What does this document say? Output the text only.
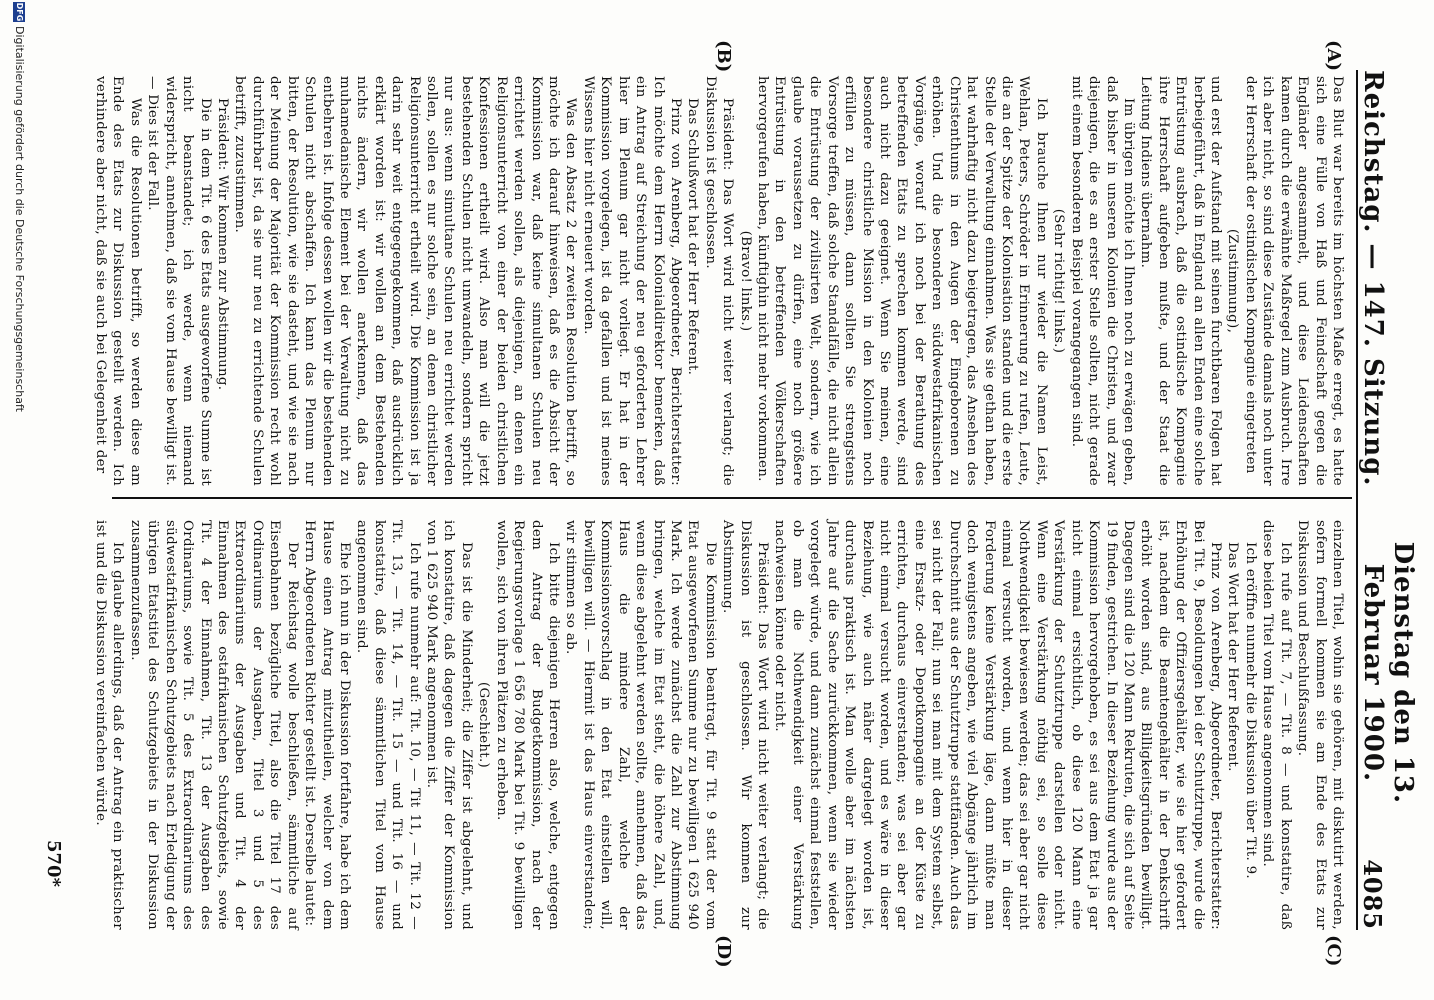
Reichstag. — 147. Sitzung.
Dienstag den 13. Februar 1900.
4085
(A)
(B)
(C)
(D)

Das Blut war bereits im höchsten Maße erregt, es hatte sich eine Fülle von Haß und Feindschaft gegen die Engländer angesammelt, und diese Leidenschaften kamen durch die erwähnte Maßregel zum Ausbruch. Irre ich aber nicht, so sind diese Zustände damals noch unter der Herrschaft der ostindischen Kompagnie eingetreten

(Zustimmung),

und erst der Aufstand mit seinen furchtbaren Folgen hat herbeigeführt, daß in England an allen Enden eine solche Entrüstung ausbrach, daß die ostindische Kompagnie ihre Herrschaft aufgeben mußte, und der Staat die Leitung Indiens übernahm.

Im übrigen möchte ich Ihnen noch zu erwägen geben, daß bisher in unseren Kolonien die Christen, und zwar diejenigen, die es an erster Stelle sollten, nicht gerade mit einem besonderen Beispiel vorangegangen sind.

(Sehr richtig! links.)

Ich brauche Ihnen nur wieder die Namen Leist, Wehlan, Peters, Schröder in Erinnerung zu rufen, Leute, die an der Spitze der Kolonisation standen und die erste Stelle der Verwaltung einnahmen. Was sie gethan haben, hat wahrhaftig nicht dazu beigetragen, das Ansehen des Christenthums in den Augen der Eingeborenen zu erhöhen. Und die besonderen süddwestafrikanischen Vorgänge, worauf ich noch bei der Berathung des betreffenden Etats zu sprechen kommen werde, sind auch nicht dazu geeignet. Wenn Sie meinen, eine besondere christliche Mission in den Kolonien noch erfüllen zu müssen, dann sollten Sie strengstens Vorsorge treffen, daß solche Standalfälle, die nicht allein die Entrüstung der zivilisirten Welt, sondern, wie ich glaube voraussetzen zu dürfen, eine noch größere Entrüstung in den betreffenden Völkerschaften hervorgerufen haben, künftighin nicht mehr vorkommen.

(Bravo! links.)

Präsident: Das Wort wird nicht weiter verlangt; die Diskussion ist geschlossen.

Das Schlußwort hat der Herr Referent.

Prinz von Arenberg, Abgeordneter, Berichterstatter: Ich möchte dem Herrn Kolonialdirektor bemerken, daß ein Antrag auf Streichung der neu geforderten Lehrer hier im Plenum gar nicht vorliegt. Er hat in der Kommission vorgelegen, ist da gefallen und ist meines Wissens hier nicht erneuert worden.

Was den Absatz 2 der zweiten Resolution betrifft, so möchte ich darauf hinweisen, daß es die Absicht der Kommission war, daß keine simultanen Schulen neu errichtet werden sollen, als diejenigen, an denen ein Religionsunterricht von einer der beiden christlichen Konfessionen ertheilt wird. Also man will die jetzt bestehenden Schulen nicht umwandeln, sondern spricht nur aus: wenn simultane Schulen neu errichtet werden sollen, sollen es nur solche sein, an denen christlicher Religionsunterricht ertheilt wird. Die Kommission ist ja darin sehr weit entgegengekommen, daß ausdrücklich erklärt worden ist: wir wollen an dem Bestehenden nichts ändern, wir wollen anerkennen, daß das muhamedanische Element bei der Verwaltung nicht zu entbehren ist. Infolge dessen wollen wir die bestehenden Schulen nicht abschaffen. Ich kann das Plenum nur bitten, der Resolution, wie sie dasteht, und wie sie nach der Meinung der Majorität der Kommission recht wohl durchführbar ist, da sie nur neu zu errichtende Schulen betrifft, zuzustimmen.

Präsident: Wir kommen zur Abstimmung.

Die in dem Tit. 6 des Etats ausgeworfene Summe ist nicht beanstandet; ich werde, wenn niemand widerspricht, annehmen, daß sie vom Hause bewilligt ist. — Dies ist der Fall.

Was die Resolutionen betrifft, so werden diese am Ende des Etats zur Diskussion gestellt werden. Ich verhindere aber nicht, daß sie auch bei Gelegenheit der

einzelnen Titel, wohin sie gehören, mit diskutirt werden, sofern formell kommen sie am Ende des Etats zur Diskussion und Beschlußfassung.

Ich rufe auf Tit. 7, — Tit. 8 — und konstatire, daß diese beiden Titel vom Hause angenommen sind.

Ich eröffne nunmehr die Diskussion über Tit. 9.

Das Wort hat der Herr Referent.

Prinz von Arenberg, Abgeordneter, Berichterstatter: Bei Tit. 9, Besoldungen bei der Schutztruppe, wurde die Erhöhung der Offiziersgehälter, wie sie hier gefordert ist, nachdem die Beamtengehälter in der Denkschrift erhöht worden sind, aus Billigkeitsgründen bewilligt. Dagegen sind die 120 Mann Rekruten, die sich auf Seite 19 finden, gestrichen. In dieser Beziehung wurde aus der Kommission hervorgehoben, es sei aus dem Etat ja gar nicht einmal ersichtlich, ob diese 120 Mann eine Verstärkung der Schutztruppe darstellen oder nicht. Wenn eine Verstärkung nöthig sei, so solle diese Nothwendigkeit bewiesen werden; das sei aber gar nicht einmal versucht worden, und wenn hier in dieser Forderung keine Verstärkung läge, dann müßte man doch wenigstens angeben, wie viel Abgänge jährlich im Durchschnitt aus der Schutztruppe stattfänden. Auch das sei nicht der Fall; nun sei man mit dem System selbst, eine Ersatz- oder Depotkompagnie an der Küste zu errichten, durchaus einverstanden; was sei aber gar nicht einmal versucht worden, und es wäre in dieser Beziehung, wie auch näher dargelegt worden ist, durchaus praktisch ist. Man wolle aber im nächsten Jahre auf die Sache zurückkommen, wenn sie wieder vorgelegt würde, und dann zunächst einmal feststellen, ob man die Nothwendigkeit einer Verstärkung nachweisen könne oder nicht.

Präsident: Das Wort wird nicht weiter verlangt; die Diskussion ist geschlossen. Wir kommen zur Abstimmung.

Die Kommission beantragt, für Tit. 9 statt der vom Etat ausgeworfenen Summe nur zu bewilligen 1 625 940 Mark. Ich werde zunächst die Zahl zur Abstimmung bringen, welche im Etat steht, die höhere Zahl, und, wenn diese abgelehnt werden sollte, annehmen, daß das Haus die mindere Zahl, welche der Kommissionsvorschlag in den Etat einstellen will, bewilligen will. — Hiermit ist das Haus einverstanden; wir stimmen so ab.

Ich bitte diejenigen Herren also, welche, entgegen dem Antrag der Budgetkommission, nach der Regierungsvorlage 1 656 780 Mark bei Tit. 9 bewilligen wollen, sich von ihren Plätzen zu erheben.

(Geschieht.)

Das ist die Minderheit; die Ziffer ist abgelehnt, und ich konstatire, daß dagegen die Ziffer der Kommission von 1 625 940 Mark angenommen ist.

Ich rufe nunmehr auf: Tit. 10, — Tit 11, — Tit. 12 — Tit. 13, — Tit. 14, — Tit. 15 — und Tit. 16 — und konstatire, daß diese sämmtlichen Titel vom Hause angenommen sind.

Ehe ich nun in der Diskussion fortfahre, habe ich dem Hause einen Antrag mitzutheilen, welcher von dem Herrn Abgeordneten Richter gestellt ist. Derselbe lautet:

Der Reichstag wolle beschließen, sämmtliche auf Eisenbahnen bezügliche Titel, also die Titel 17 des Ordinariums der Ausgaben, Titel 3 und 5 des Extraordinariums der Ausgaben und Tit. 4 der Einnahmen des ostafrikanischen Schutzgebiets, sowie Tit. 4 der Einnahmen, Tit. 13 der Ausgaben des Ordinariums, sowie Tit. 5 des Extraordinariums des südwestafrikanischen Schutzgebiets nach Erledigung der übrigen Etatstitel des Schutzgebiets in der Diskussion zusammenzufassen.

Ich glaube allerdings, daß der Antrag ein praktischer ist und die Diskussion vereinfachen würde.

570*
DFGDigitalisierung gefördert durch die Deutsche Forschungsgemeinschaft
